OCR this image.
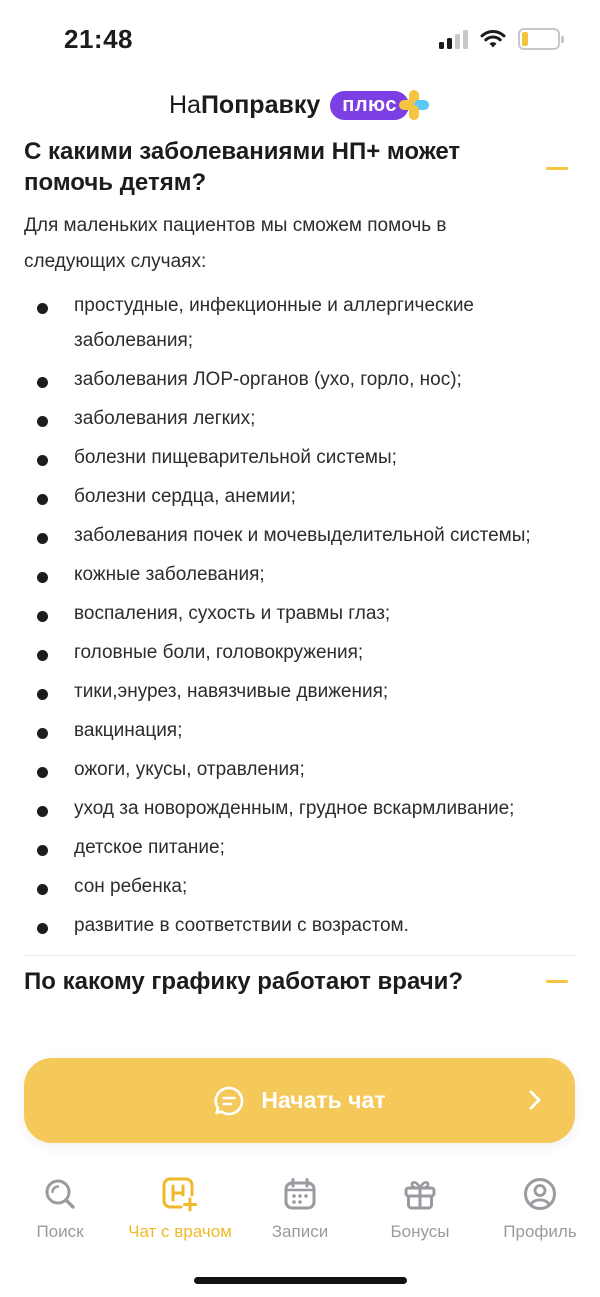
21:48
НаПоправку	плюс
С какими заболеваниями НП+ может помочь детям?
Для маленьких пациентов мы сможем помочь в следующих случаях:
простудные, инфекционные и аллергические заболевания;
заболевания ЛОР-органов (ухо, горло, нос);
заболевания легких;
болезни пищеварительной системы;
болезни сердца, анемии;
заболевания почек и мочевыделительной системы;
кожные заболевания;
воспаления, сухость и травмы глаз;
головные боли, головокружения;
тики,энурез, навязчивые движения;
вакцинация;
ожоги, укусы, отравления;
уход за новорожденным, грудное вскармливание;
детское питание;
сон ребенка;
развитие в соответствии с возрастом.
По какому графику работают врачи?
Начать чат
Поиск	Чат с врачом Записи	Бонусы	Профиль
